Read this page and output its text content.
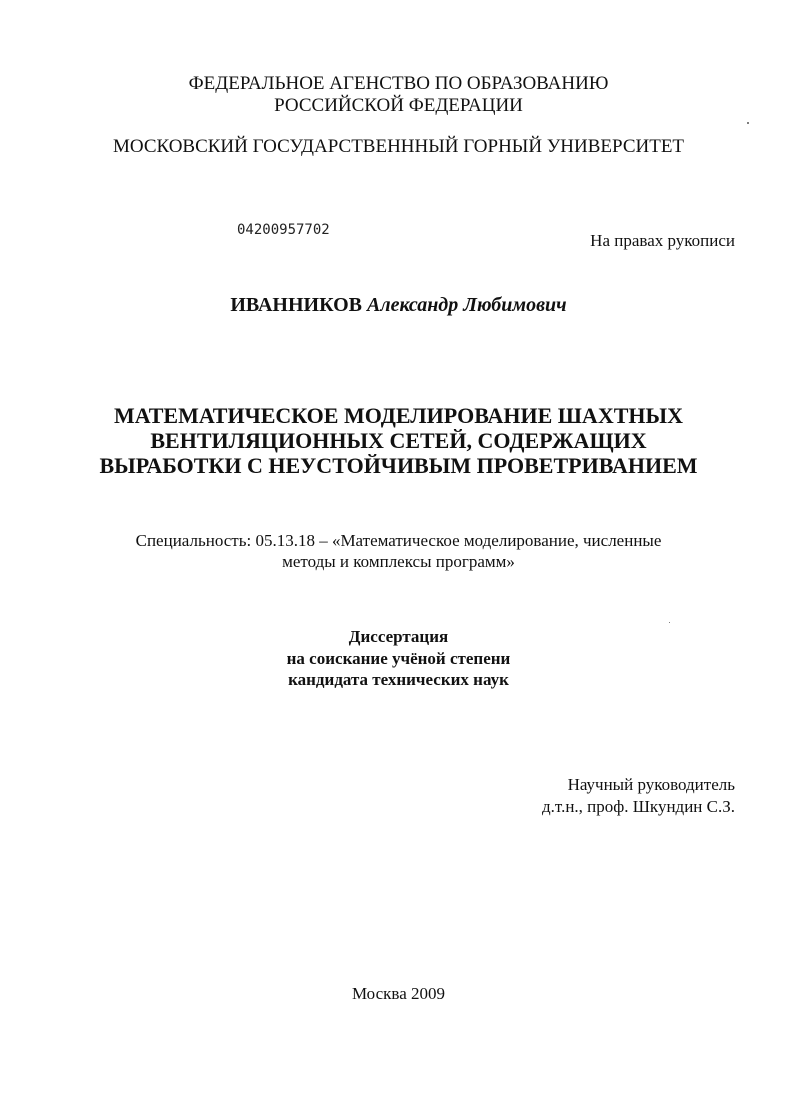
ФЕДЕРАЛЬНОЕ АГЕНСТВО ПО ОБРАЗОВАНИЮ
РОССИЙСКОЙ ФЕДЕРАЦИИ
МОСКОВСКИЙ ГОСУДАРСТВЕНННЫЙ ГОРНЫЙ УНИВЕРСИТЕТ
04200957702
На правах рукописи
ИВАННИКОВ Александр Любимович
МАТЕМАТИЧЕСКОЕ МОДЕЛИРОВАНИЕ ШАХТНЫХ
ВЕНТИЛЯЦИОННЫХ СЕТЕЙ, СОДЕРЖАЩИХ
ВЫРАБОТКИ С НЕУСТОЙЧИВЫМ ПРОВЕТРИВАНИЕМ
Специальность: 05.13.18 – «Математическое моделирование, численные
методы и комплексы программ»
Диссертация
на соискание учёной степени
кандидата технических наук
Научный руководитель
д.т.н., проф. Шкундин С.З.
Москва 2009
